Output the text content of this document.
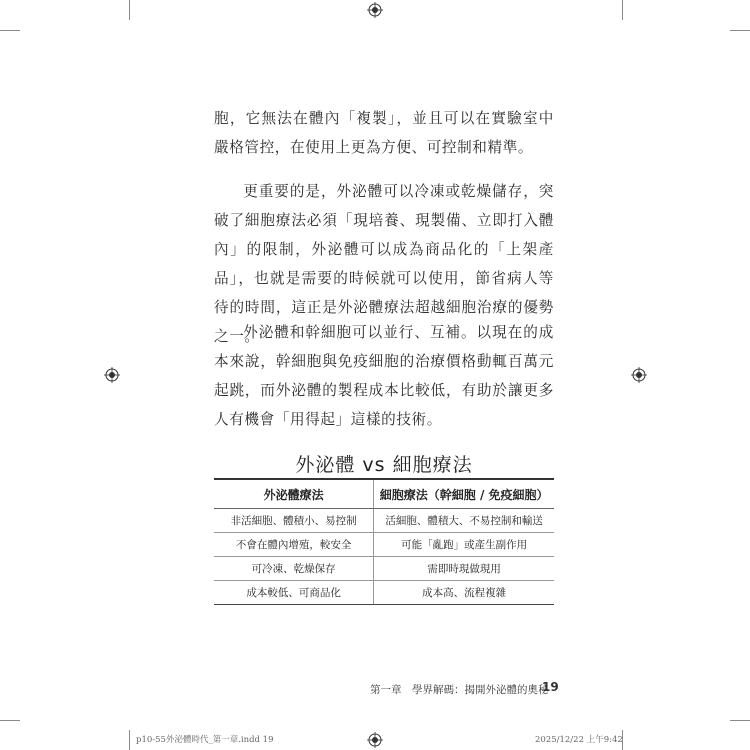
胞，它無法在體內「複製」，並且可以在實驗室中嚴格管控，在使用上更為方便、可控制和精準。

更重要的是，外泌體可以冷凍或乾燥儲存，突破了細胞療法必須「現培養、現製備、立即打入體內」的限制，外泌體可以成為商品化的「上架產品」，也就是需要的時候就可以使用，節省病人等待的時間，這正是外泌體療法超越細胞治療的優勢之一。

外泌體和幹細胞可以並行、互補。以現在的成本來說，幹細胞與免疫細胞的治療價格動輒百萬元起跳，而外泌體的製程成本比較低，有助於讓更多人有機會「用得起」這樣的技術。

外泌體 vs 細胞療法
外泌體療法	細胞療法（幹細胞 / 免疫細胞）
非活細胞、體積小、易控制	活細胞、體積大、不易控制和輸送
不會在體內增殖，較安全	可能「亂跑」或產生副作用
可冷凍、乾燥保存	需即時現做現用
成本較低、可商品化	成本高、流程複雜
第一章　學界解碼：揭開外泌體的奧秘
19
p10-55外泌體時代_第一章.indd 19	2025/12/22 上午9:42
